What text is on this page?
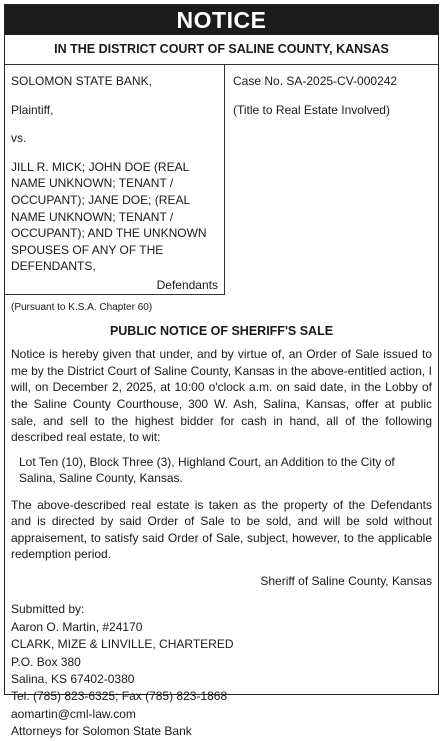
NOTICE
IN THE DISTRICT COURT OF SALINE COUNTY, KANSAS

SOLOMON STATE BANK,

Plaintiff,

vs.

JILL R. MICK; JOHN DOE (REAL NAME UNKNOWN; TENANT / OCCUPANT); JANE DOE; (REAL NAME UNKNOWN; TENANT / OCCUPANT); AND THE UNKNOWN SPOUSES OF ANY OF THE DEFENDANTS,

Defendants

Case No. SA-2025-CV-000242

(Title to Real Estate Involved)

(Pursuant to K.S.A. Chapter 60)
PUBLIC NOTICE OF SHERIFF'S SALE
Notice is hereby given that under, and by virtue of, an Order of Sale issued to me by the District Court of Saline County, Kansas in the above-entitled action, I will, on December 2, 2025, at 10:00 o'clock a.m. on said date, in the Lobby of the Saline County Courthouse, 300 W. Ash, Salina, Kansas, offer at public sale, and sell to the highest bidder for cash in hand, all of the following described real estate, to wit:
Lot Ten (10), Block Three (3), Highland Court, an Addition to the City of Salina, Saline County, Kansas.
The above-described real estate is taken as the property of the Defendants and is directed by said Order of Sale to be sold, and will be sold without appraisement, to satisfy said Order of Sale, subject, however, to the applicable redemption period.
Sheriff of Saline County, Kansas
Submitted by:
Aaron O. Martin, #24170
CLARK, MIZE & LINVILLE, CHARTERED
P.O. Box 380
Salina, KS 67402-0380
Tel. (785) 823-6325; Fax (785) 823-1868
aomartin@cml-law.com
Attorneys for Solomon State Bank
